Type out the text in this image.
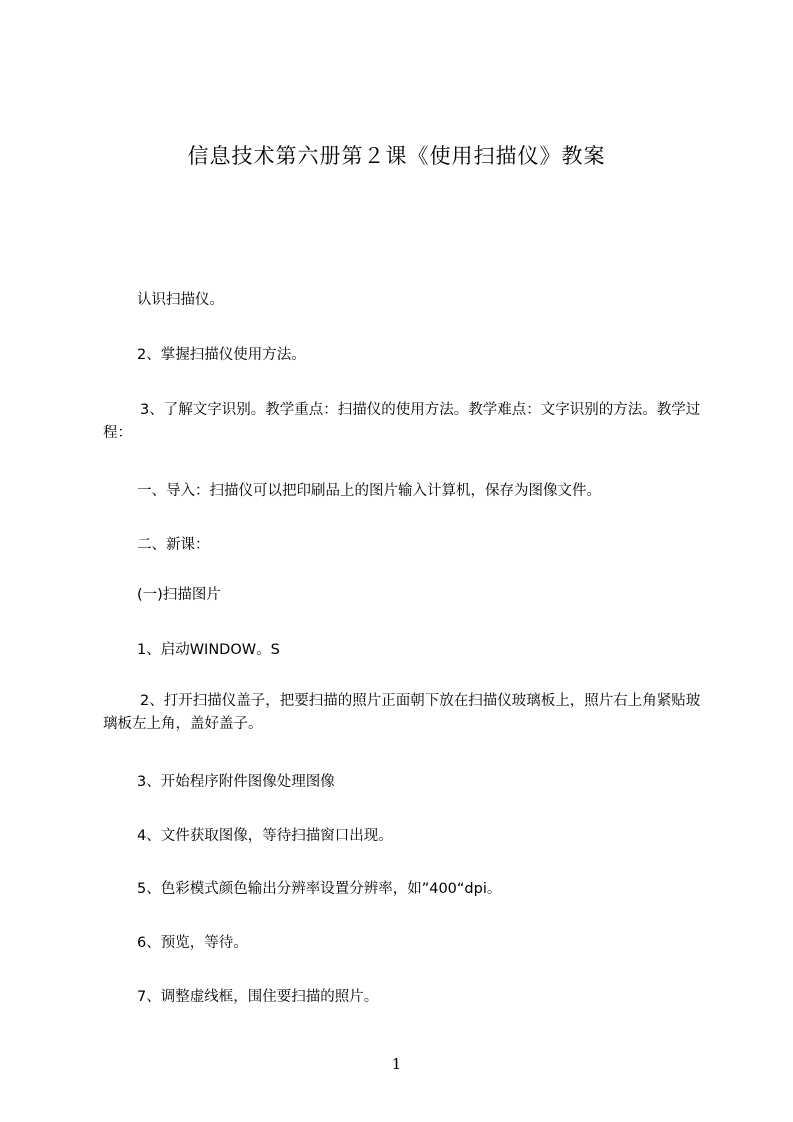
信息技术第六册第２课《使用扫描仪》教案

认识扫描仪。

2、掌握扫描仪使用方法。

3、了解文字识别。教学重点：扫描仪的使用方法。教学难点：文字识别的方法。教学过程：

一、导入：扫描仪可以把印刷品上的图片输入计算机，保存为图像文件。

二、新课：

(一)扫描图片

1、启动WINDOW。S

2、打开扫描仪盖子，把要扫描的照片正面朝下放在扫描仪玻璃板上，照片右上角紧贴玻璃板左上角，盖好盖子。

3、开始程序附件图像处理图像

4、文件获取图像，等待扫描窗口出现。

5、色彩模式颜色输出分辨率设置分辨率，如”400“dpi。

6、预览，等待。

7、调整虚线框，围住要扫描的照片。

1
